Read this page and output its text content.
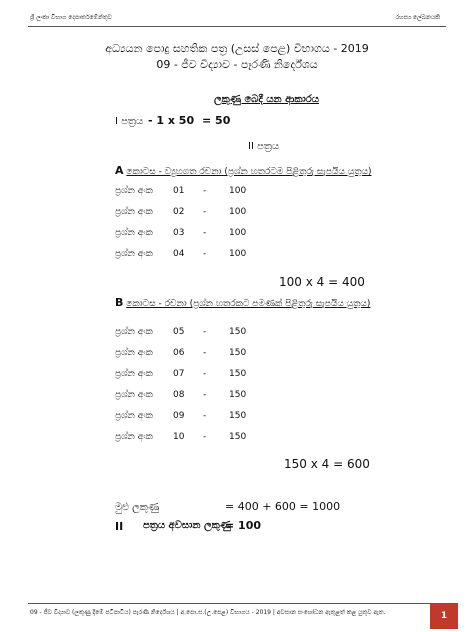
ශ්‍රී ලංකා විභාග දෙපාර්තමේන්තුව	රහස්‍ය ලේඛනයකි
අධ්‍යයන පොදු සහතික පත්‍ර (උසස් පෙළ) විභාගය - 2019
09 - ජීව විද්‍යාව - පෑරණි නිර්දේශය
ලකුණු බෙදී යන ආකාරය
I පත්‍රය - 1 x 50 = 50
II පත්‍රය
A කොටස - ව්‍යුහගත රචනා (ප්‍රශ්න හතරටම පිළිතුරු සැපයිය යුතුය)
ප්‍රශ්න අංක 01 -	100
ප්‍රශ්න අංක 02 -	100
ප්‍රශ්න අංක 03 -	100
ප්‍රශ්න අංක 04 -	100
100 x 4 = 400
B කොටස - රචනා (ප්‍රශ්න හතරකට පමණක් පිළිතුරු සැපයිය යුතුය)
ප්‍රශ්න අංක 05 -	150
ප්‍රශ්න අංක 06 -	150
ප්‍රශ්න අංක 07 -	150
ප්‍රශ්න අංක 08 -	150
ප්‍රශ්න අංක 09 -	150
ප්‍රශ්න අංක 10 -	150
150 x 4 = 600
මුළු ලකුණු	= 400 + 600 = 1000
II පත්‍රය අවසාන ලකුණු
= 100
09 - ජීව විද්‍යාව (ලකුණු දීමේ පටිපාටිය) පෑරණි නිර්දේශය | අ.පො.ස.(උ.පෙළ) විභාගය - 2019 | අවසාන සංශෝධන ඇතුළත් කළ යුතුව ඇත.	1
